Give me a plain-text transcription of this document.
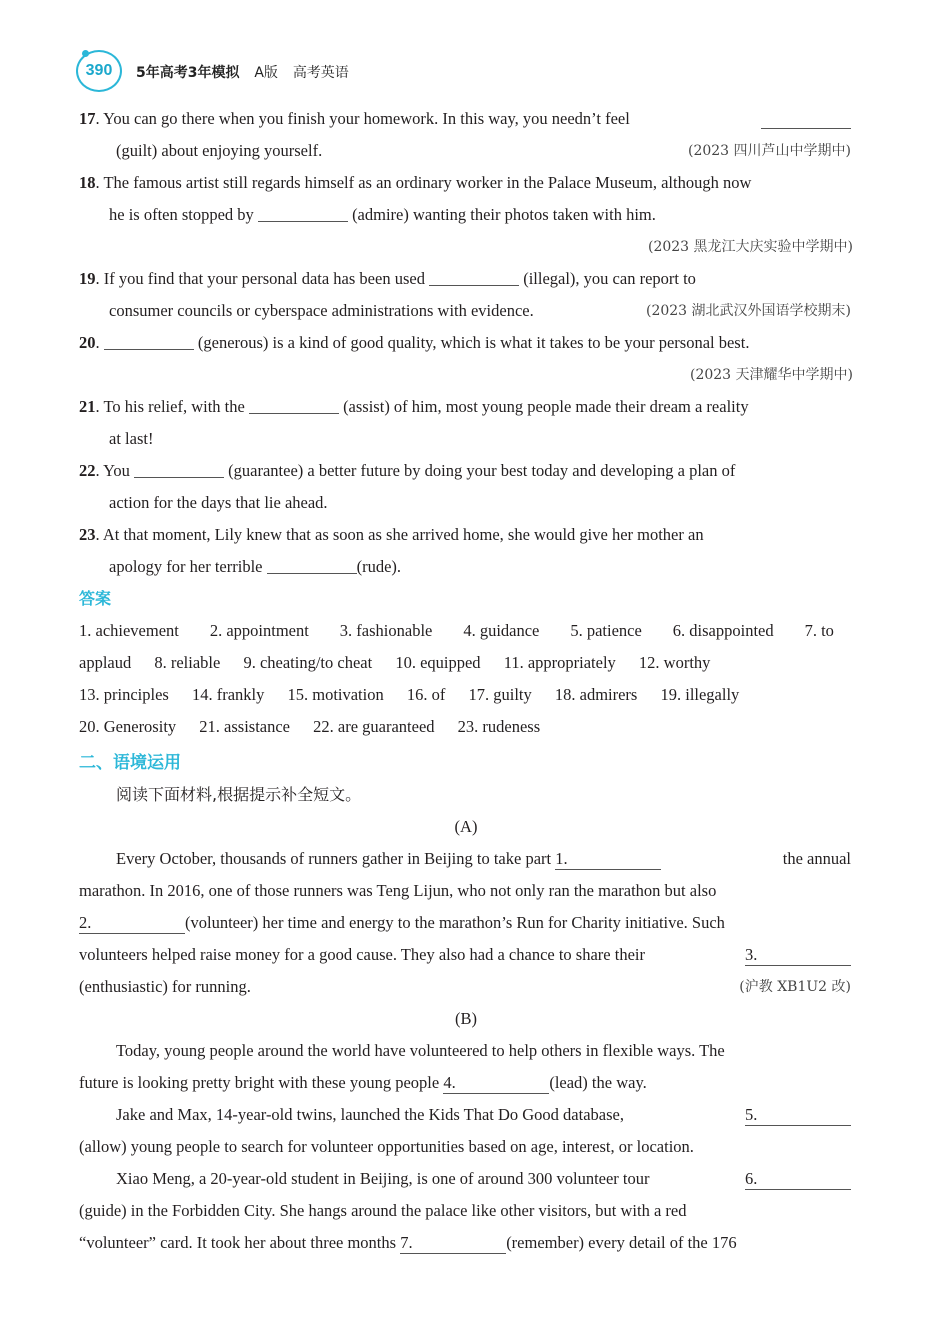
390	5年高考3年模拟 A版 高考英语
17. You can go there when you finish your homework. In this way, you needn’t feel
(guilt) about enjoying yourself.	(2023 四川芦山中学期中)
18. The famous artist still regards himself as an ordinary worker in the Palace Museum, although now
he is often stopped by	(admire) wanting their photos taken with him.
(2023 黑龙江大庆实验中学期中)
19. If you find that your personal data has been used	(illegal), you can report to
consumer councils or cyberspace administrations with evidence.	(2023 湖北武汉外国语学校期末)
20.	(generous) is a kind of good quality, which is what it takes to be your personal best.
(2023 天津耀华中学期中)
21. To his relief, with the	(assist) of him, most young people made their dream a reality
at last!
22. You	(guarantee) a better future by doing your best today and developing a plan of
action for the days that lie ahead.
23. At that moment, Lily knew that as soon as she arrived home, she would give her mother an
apology for her terrible	(rude).
答案
1. achievement 2. appointment 3. fashionable 4. guidance 5. patience 6. disappointed 7. to
applaud 8. reliable 9. cheating/to cheat 10. equipped 11. appropriately 12. worthy
13. principles 14. frankly 15. motivation 16. of 17. guilty 18. admirers 19. illegally
20. Generosity 21. assistance 22. are guaranteed 23. rudeness
二、语境运用
阅读下面材料,根据提示补全短文。
(A)
Every October, thousands of runners gather in Beijing to take part 1.	the annual
marathon. In 2016, one of those runners was Teng Lijun, who not only ran the marathon but also
2.	(volunteer) her time and energy to the marathon’s Run for Charity initiative. Such
volunteers helped raise money for a good cause. They also had a chance to share their	3.
(enthusiastic) for running.	(沪教 XB1U2 改)
(B)
Today, young people around the world have volunteered to help others in flexible ways. The
future is looking pretty bright with these young people 4.	(lead) the way.
Jake and Max, 14-year-old twins, launched the Kids That Do Good database,	5.
(allow) young people to search for volunteer opportunities based on age, interest, or location.
Xiao Meng, a 20-year-old student in Beijing, is one of around 300 volunteer tour	6.
(guide) in the Forbidden City. She hangs around the palace like other visitors, but with a red
“volunteer” card. It took her about three months 7.	(remember) every detail of the 176
